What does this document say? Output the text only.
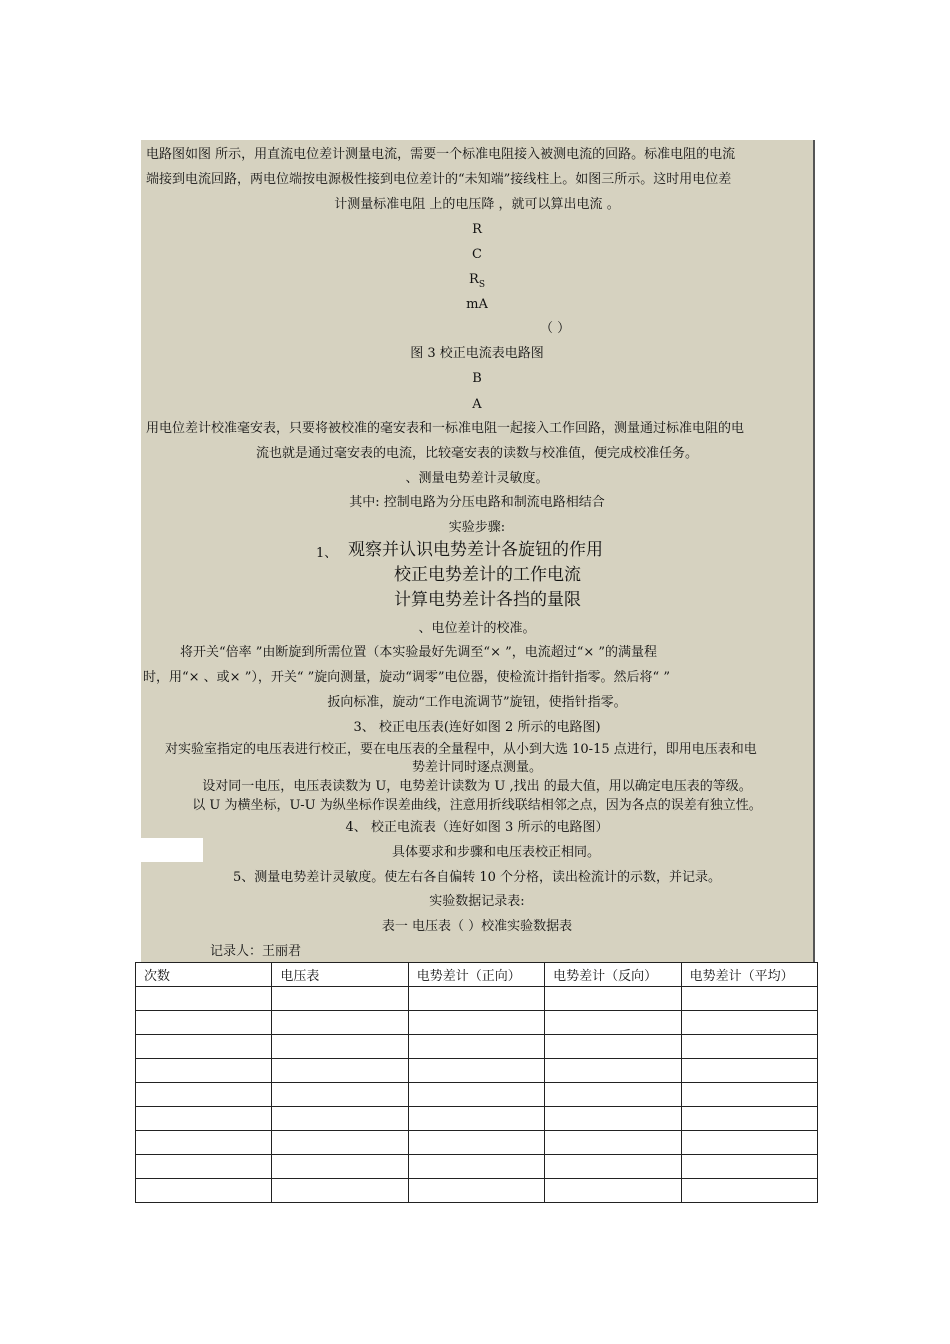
电路图如图 所示，用直流电位差计测量电流，需要一个标准电阻接入被测电流的回路。标准电阻的电流
端接到电流回路，两电位端按电源极性接到电位差计的“未知端”接线柱上。如图三所示。这时用电位差
计测量标准电阻 上的电压降 ，就可以算出电流 。
R
C
$R_S$
mA
（ ）
图 3 校正电流表电路图
B
A
用电位差计校准毫安表，只要将被校准的毫安表和一标准电阻一起接入工作回路，测量通过标准电阻的电
流也就是通过毫安表的电流，比较毫安表的读数与校准值，便完成校准任务。
、测量电势差计灵敏度。
其中: 控制电路为分压电路和制流电路相结合
实验步骤:
1、 观察并认识电势差计各旋钮的作用
校正电势差计的工作电流
计算电势差计各挡的量限
、电位差计的校准。
将开关“倍率 ”由断旋到所需位置（本实验最好先调至“× ”，电流超过“× ”的满量程
时，用“× 、或× ”），开关“ ”旋向测量，旋动“调零”电位器，使检流计指针指零。然后将“ ”
扳向标准，旋动“工作电流调节”旋钮，使指针指零。
3、 校正电压表(连好如图 2 所示的电路图)
对实验室指定的电压表进行校正，要在电压表的全量程中，从小到大选 10-15 点进行，即用电压表和电
势差计同时逐点测量。
设对同一电压，电压表读数为 U，电势差计读数为 U ,找出 的最大值，用以确定电压表的等级。
以 U 为横坐标，U-U 为纵坐标作误差曲线，注意用折线联结相邻之点，因为各点的误差有独立性。
4、 校正电流表（连好如图 3 所示的电路图）
具体要求和步骤和电压表校正相同。
5、测量电势差计灵敏度。使左右各自偏转 10 个分格，读出检流计的示数，并记录。
实验数据记录表:
表一 电压表（ ）校准实验数据表
记录人：王丽君
次数	电压表	电势差计（正向）	电势差计（反向）	电势差计（平均）
